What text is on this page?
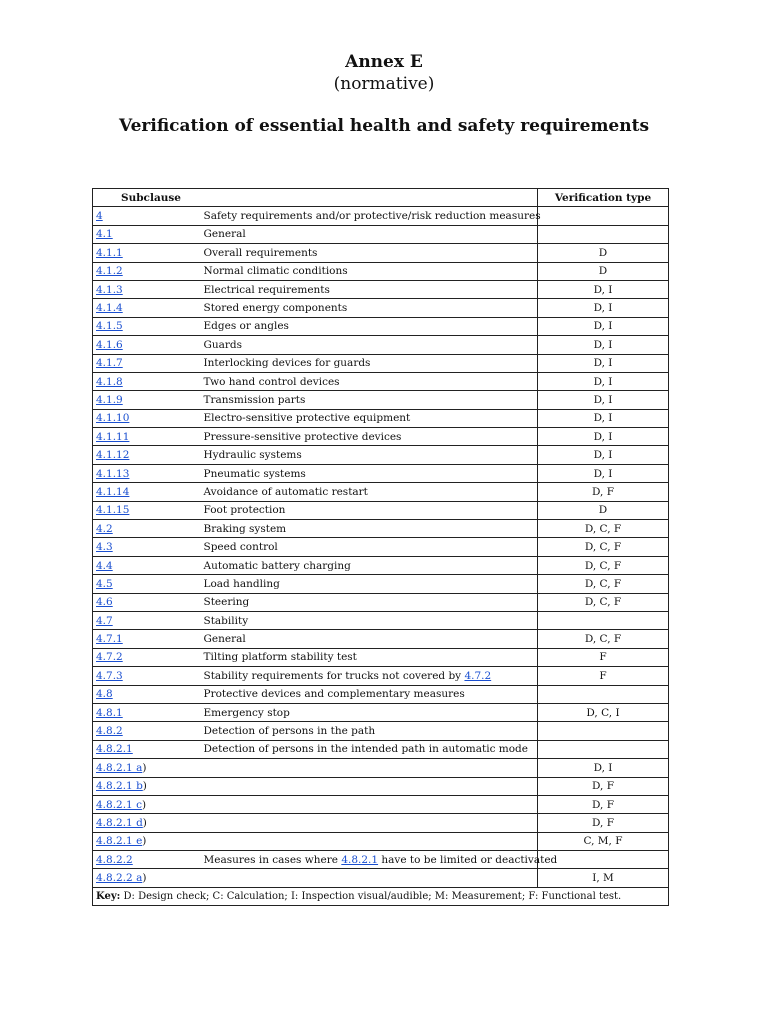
Annex E
(normative)
Verification of essential health and safety requirements
Subclause		Verification type
4	Safety requirements and/or protective/risk reduction measures	
4.1	General	
4.1.1	Overall requirements	D
4.1.2	Normal climatic conditions	D
4.1.3	Electrical requirements	D, I
4.1.4	Stored energy components	D, I
4.1.5	Edges or angles	D, I
4.1.6	Guards	D, I
4.1.7	Interlocking devices for guards	D, I
4.1.8	Two hand control devices	D, I
4.1.9	Transmission parts	D, I
4.1.10	Electro-sensitive protective equipment	D, I
4.1.11	Pressure-sensitive protective devices	D, I
4.1.12	Hydraulic systems	D, I
4.1.13	Pneumatic systems	D, I
4.1.14	Avoidance of automatic restart	D, F
4.1.15	Foot protection	D
4.2	Braking system	D, C, F
4.3	Speed control	D, C, F
4.4	Automatic battery charging	D, C, F
4.5	Load handling	D, C, F
4.6	Steering	D, C, F
4.7	Stability	
4.7.1	General	D, C, F
4.7.2	Tilting platform stability test	F
4.7.3	Stability requirements for trucks not covered by 4.7.2	F
4.8	Protective devices and complementary measures	
4.8.1	Emergency stop	D, C, I
4.8.2	Detection of persons in the path	
4.8.2.1	Detection of persons in the intended path in automatic mode	
4.8.2.1 a)		D, I
4.8.2.1 b)		D, F
4.8.2.1 c)		D, F
4.8.2.1 d)		D, F
4.8.2.1 e)		C, M, F
4.8.2.2	Measures in cases where 4.8.2.1 have to be limited or deactivated	
4.8.2.2 a)		I, M
Key: D: Design check; C: Calculation; I: Inspection visual/audible; M: Measurement; F: Functional test.		
